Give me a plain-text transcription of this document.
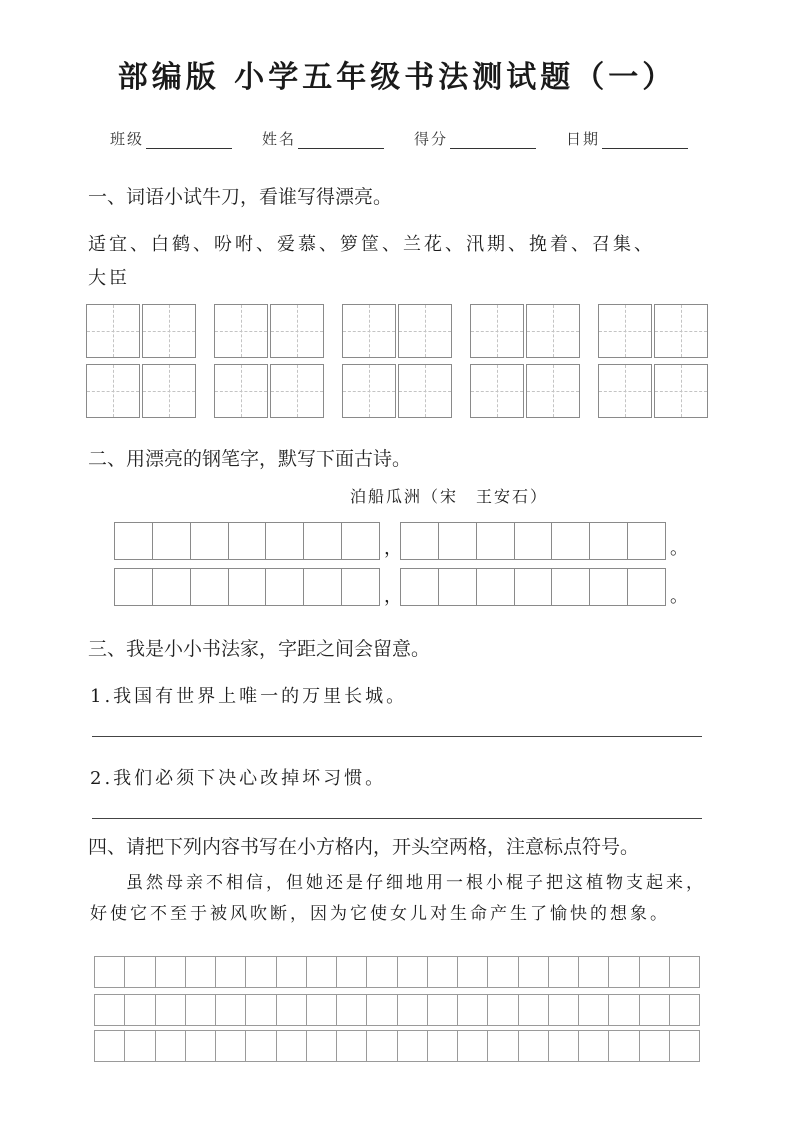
部编版 小学五年级书法测试题（一）
班级	姓名	得分	日期
一、词语小试牛刀，看谁写得漂亮。
适宜、白鹤、吩咐、爱慕、箩筐、兰花、汛期、挽着、召集、
大臣
二、用漂亮的钢笔字，默写下面古诗。
泊船瓜洲（宋　王安石）
，	。
，	。
三、我是小小书法家，字距之间会留意。
1.我国有世界上唯一的万里长城。
2.我们必须下决心改掉坏习惯。
四、请把下列内容书写在小方格内，开头空两格，注意标点符号。
虽然母亲不相信，但她还是仔细地用一根小棍子把这植物支起来，好使它不至于被风吹断，因为它使女儿对生命产生了愉快的想象。
